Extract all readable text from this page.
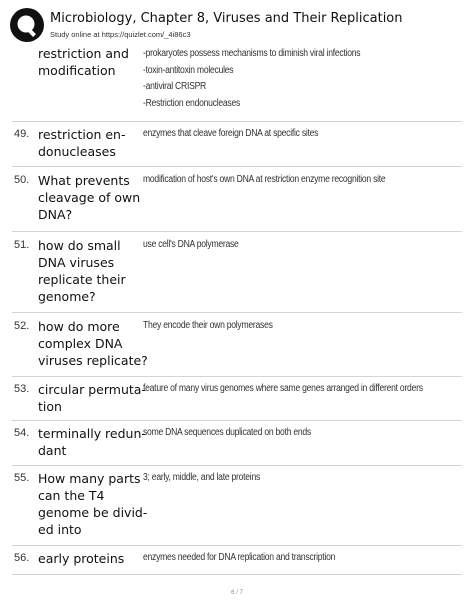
Microbiology, Chapter 8, Viruses and Their Replication
Study online at https://quizlet.com/_4i86c3
restriction and
modification
-prokaryotes possess mechanisms to diminish viral infections
-toxin-antitoxin molecules
-antiviral CRISPR
-Restriction endonucleases
49. restriction en-
donucleases
enzymes that cleave foreign DNA at specific sites
50. What prevents
cleavage of own
DNA?
modification of host's own DNA at restriction enzyme recognition site
51. how do small
DNA viruses
replicate their
genome?
use cell's DNA polymerase
52. how do more
complex DNA
viruses replicate?
They encode their own polymerases
53. circular permuta-
tion
feature of many virus genomes where same genes arranged in different orders
54. terminally redun-
dant
some DNA sequences duplicated on both ends
55. How many parts
can the T4
genome be divid-
ed into
3; early, middle, and late proteins
56. early proteins	enzymes needed for DNA replication and transcription
6 / 7
